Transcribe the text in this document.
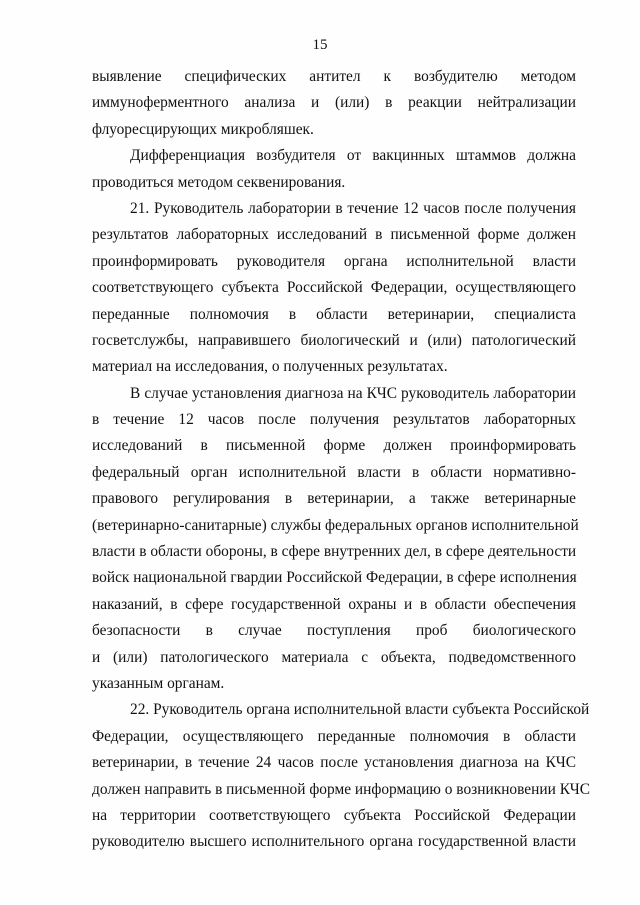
15
выявление специфических антител к возбудителю методом
иммуноферментного анализа и (или) в реакции нейтрализации
флуоресцирующих микробляшек.
Дифференциация возбудителя от вакцинных штаммов должна
проводиться методом секвенирования.
21. Руководитель лаборатории в течение 12 часов после получения
результатов лабораторных исследований в письменной форме должен
проинформировать руководителя органа исполнительной власти
соответствующего субъекта Российской Федерации, осуществляющего
переданные полномочия в области ветеринарии, специалиста
госветслужбы, направившего биологический и (или) патологический
материал на исследования, о полученных результатах.
В случае установления диагноза на КЧС руководитель лаборатории
в течение 12 часов после получения результатов лабораторных
исследований в письменной форме должен проинформировать
федеральный орган исполнительной власти в области нормативно-
правового регулирования в ветеринарии, а также ветеринарные
(ветеринарно-санитарные) службы федеральных органов исполнительной
власти в области обороны, в сфере внутренних дел, в сфере деятельности
войск национальной гвардии Российской Федерации, в сфере исполнения
наказаний, в сфере государственной охраны и в области обеспечения
безопасности в случае поступления проб биологического
и (или) патологического материала с объекта, подведомственного
указанным органам.
22. Руководитель органа исполнительной власти субъекта Российской
Федерации, осуществляющего переданные полномочия в области
ветеринарии, в течение 24 часов после установления диагноза на КЧС
должен направить в письменной форме информацию о возникновении КЧС
на территории соответствующего субъекта Российской Федерации
руководителю высшего исполнительного органа государственной власти
